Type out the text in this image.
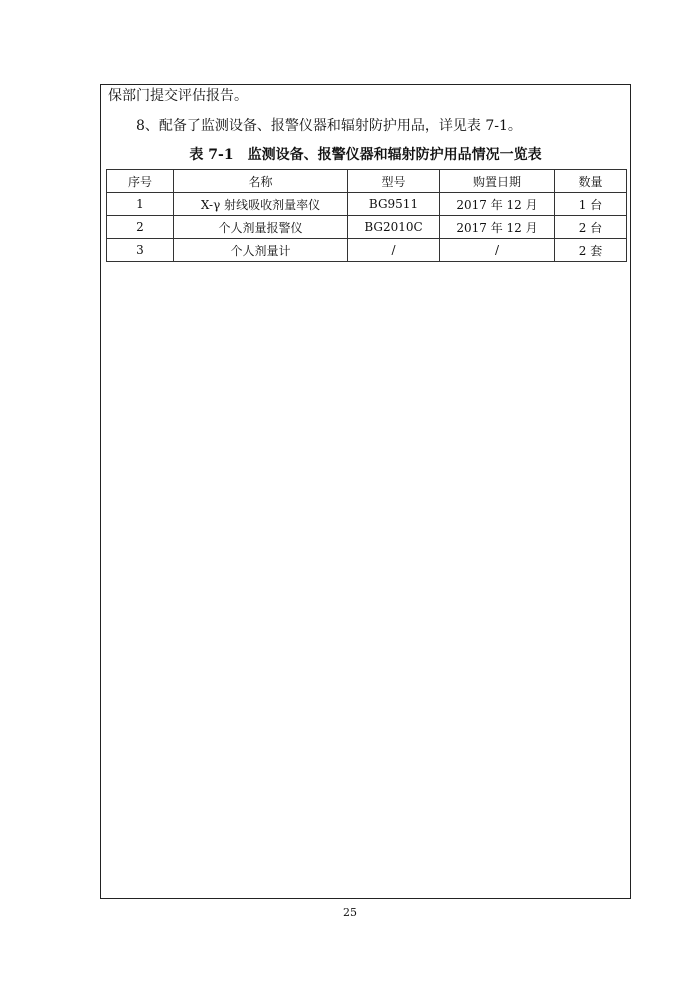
保部门提交评估报告。
8、配备了监测设备、报警仪器和辐射防护用品，详见表 7-1。
表 7-1　监测设备、报警仪器和辐射防护用品情况一览表
序号	名称	型号	购置日期	数量
1	X-γ 射线吸收剂量率仪	BG9511	2017 年 12 月	1 台
2	个人剂量报警仪	BG2010C	2017 年 12 月	2 台
3	个人剂量计	/	/	2 套
25
